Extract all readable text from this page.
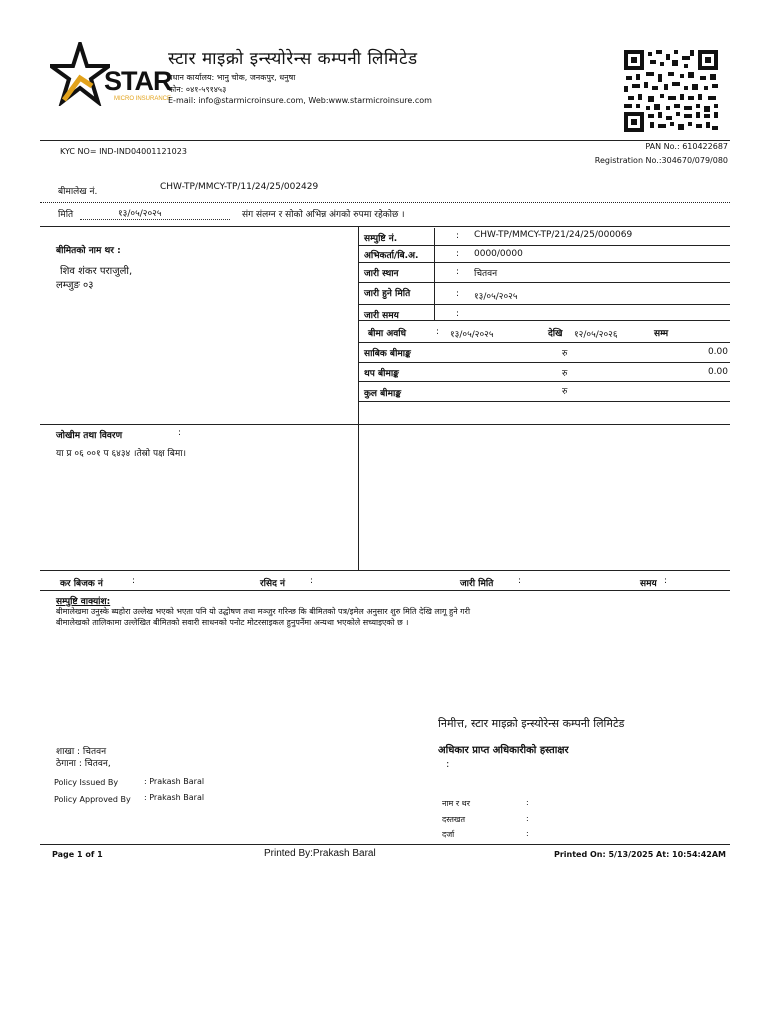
STAR
MICRO INSURANCE
स्टार माइक्रो इन्स्योरेन्स कम्पनी लिमिटेड
प्रधान कार्यालय: भानु चोक, जनकपुर, धनुषा
फोन: ०४१-५९१४५३
E-mail: info@starmicroinsure.com, Web:www.starmicroinsure.com
KYC NO= IND-IND04001121023
PAN No.: 610422687
Registration No.:304670/079/080
बीमालेख नं.	CHW-TP/MMCY-TP/11/24/25/002429
मिति	१३/०५/२०२५	संग संलग्न र सोको अभिन्न अंगको रुपमा रहेकोछ ।
बीमितको नाम थर :
शिव शंकर पराजुली,
लम्जुङ ०३
सम्पुष्टि नं.	: CHW-TP/MMCY-TP/21/24/25/000069
अभिकर्ता/बि.अ.	: 0000/0000
जारी स्थान	: चितवन
जारी हुने मिति	: १३/०५/२०२५
जारी समय	:
बीमा अवधि	: १३/०५/२०२५	देखि १२/०५/२०२६	सम्म
साबिक बीमाङ्क	रु	0.00
थप बीमाङ्क	रु	0.00
कुल बीमाङ्क	रु
जोखीम तथा विवरण	:
या प्र ०६ ००१ प ६४३४ ।तेस्रो पक्ष बिमा।
कर बिजक नं	:	रसिद नं	:	जारी मिति	:	समय :
सम्पुष्टि वाक्यांश:
बीमालेखमा उनुस्के ब्यहोरा उल्लेख भएको भएता पनि यो उद्घोषण तथा मञ्जुर गरिन्छ कि बीमितको पत्र/इमेल अनुसार शुरु मिति देखि लागू हुने गरी
बीमालेखको तालिकामा उल्लेखित बीमितको सवारी साधनको पनोट मोटरसाइकल हुनुपर्नेमा अन्यथा भएकोले सच्याइएको छ ।
निमीत्त, स्टार माइक्रो इन्स्योरेन्स कम्पनी लिमिटेड
अधिकार प्राप्त अधिकारीको हस्ताक्षर
:
शाखा : चितवन
ठेगाना : चितवन,
Policy Issued By	: Prakash Baral
Policy Approved By : Prakash Baral
नाम र थर	:
दस्तखत	:
दर्जा	:
Page 1 of 1	Printed By:Prakash Baral	Printed On: 5/13/2025 At: 10:54:42AM
